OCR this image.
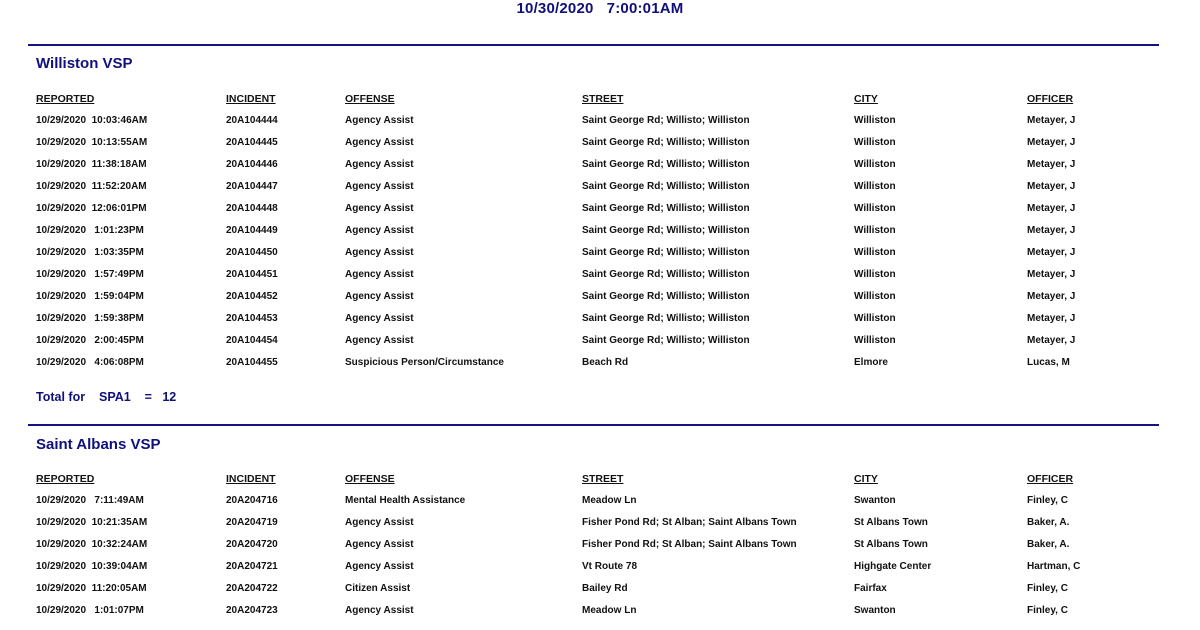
10/30/2020   7:00:01AM
Williston VSP
REPORTED	INCIDENT	OFFENSE	STREET	CITY	OFFICER
10/29/2020  10:03:46AM	20A104444	Agency Assist	Saint George Rd; Willisto; Williston	Williston	Metayer, J
10/29/2020  10:13:55AM	20A104445	Agency Assist	Saint George Rd; Willisto; Williston	Williston	Metayer, J
10/29/2020  11:38:18AM	20A104446	Agency Assist	Saint George Rd; Willisto; Williston	Williston	Metayer, J
10/29/2020  11:52:20AM	20A104447	Agency Assist	Saint George Rd; Willisto; Williston	Williston	Metayer, J
10/29/2020  12:06:01PM	20A104448	Agency Assist	Saint George Rd; Willisto; Williston	Williston	Metayer, J
10/29/2020   1:01:23PM	20A104449	Agency Assist	Saint George Rd; Willisto; Williston	Williston	Metayer, J
10/29/2020   1:03:35PM	20A104450	Agency Assist	Saint George Rd; Willisto; Williston	Williston	Metayer, J
10/29/2020   1:57:49PM	20A104451	Agency Assist	Saint George Rd; Willisto; Williston	Williston	Metayer, J
10/29/2020   1:59:04PM	20A104452	Agency Assist	Saint George Rd; Willisto; Williston	Williston	Metayer, J
10/29/2020   1:59:38PM	20A104453	Agency Assist	Saint George Rd; Willisto; Williston	Williston	Metayer, J
10/29/2020   2:00:45PM	20A104454	Agency Assist	Saint George Rd; Willisto; Williston	Williston	Metayer, J
10/29/2020   4:06:08PM	20A104455	Suspicious Person/Circumstance	Beach Rd	Elmore	Lucas, M
Total for SPA1 = 12
Saint Albans VSP
REPORTED	INCIDENT	OFFENSE	STREET	CITY	OFFICER
10/29/2020   7:11:49AM	20A204716	Mental Health Assistance	Meadow Ln	Swanton	Finley, C
10/29/2020  10:21:35AM	20A204719	Agency Assist	Fisher Pond Rd; St Alban; Saint Albans Town	St Albans Town	Baker, A.
10/29/2020  10:32:24AM	20A204720	Agency Assist	Fisher Pond Rd; St Alban; Saint Albans Town	St Albans Town	Baker, A.
10/29/2020  10:39:04AM	20A204721	Agency Assist	Vt Route 78	Highgate Center	Hartman, C
10/29/2020  11:20:05AM	20A204722	Citizen Assist	Bailey Rd	Fairfax	Finley, C
10/29/2020   1:01:07PM	20A204723	Agency Assist	Meadow Ln	Swanton	Finley, C
